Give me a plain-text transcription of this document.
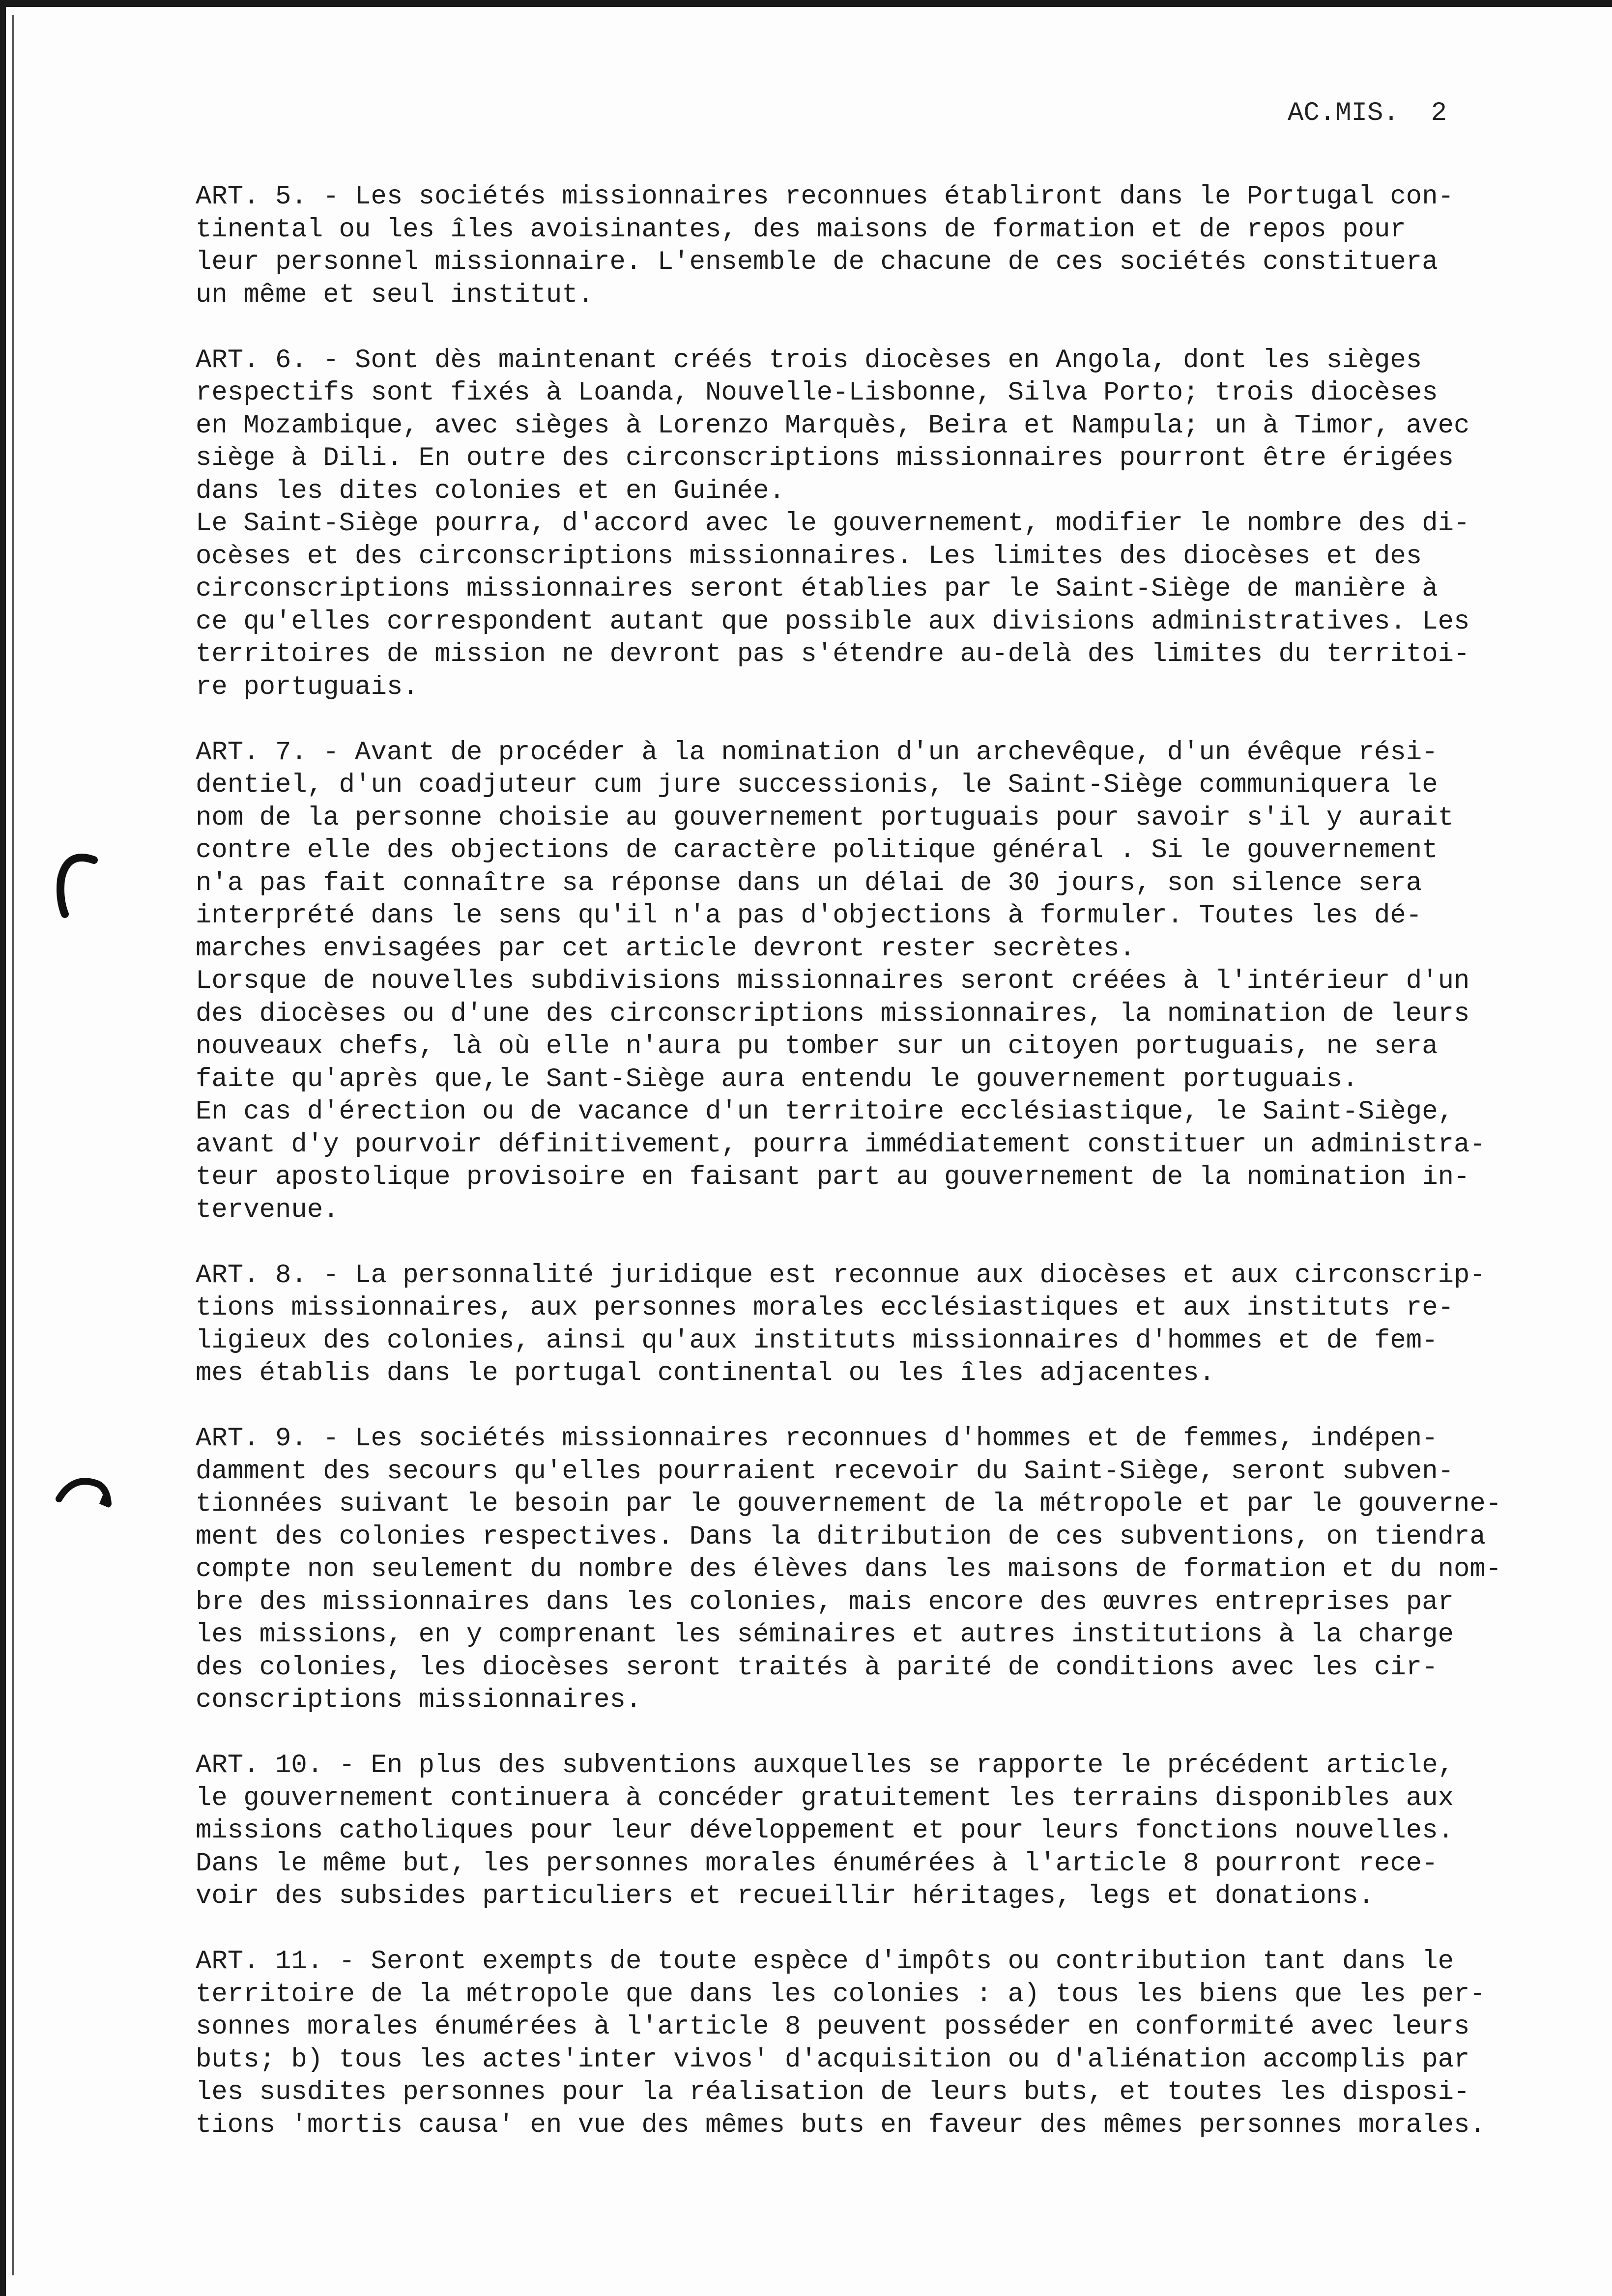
AC.MIS.  2
ART. 5. - Les sociétés missionnaires reconnues établiront dans le Portugal con-
tinental ou les îles avoisinantes, des maisons de formation et de repos pour
leur personnel missionnaire. L'ensemble de chacune de ces sociétés constituera
un même et seul institut.
ART. 6. - Sont dès maintenant créés trois diocèses en Angola, dont les sièges
respectifs sont fixés à Loanda, Nouvelle-Lisbonne, Silva Porto; trois diocèses
en Mozambique, avec sièges à Lorenzo Marquès, Beira et Nampula; un à Timor, avec
siège à Dili. En outre des circonscriptions missionnaires pourront être érigées
dans les dites colonies et en Guinée.
Le Saint-Siège pourra, d'accord avec le gouvernement, modifier le nombre des di-
ocèses et des circonscriptions missionnaires. Les limites des diocèses et des
circonscriptions missionnaires seront établies par le Saint-Siège de manière à
ce qu'elles correspondent autant que possible aux divisions administratives. Les
territoires de mission ne devront pas s'étendre au-delà des limites du territoi-
re portuguais.
ART. 7. - Avant de procéder à la nomination d'un archevêque, d'un évêque rési-
dentiel, d'un coadjuteur cum jure successionis, le Saint-Siège communiquera le
nom de la personne choisie au gouvernement portuguais pour savoir s'il y aurait
contre elle des objections de caractère politique général . Si le gouvernement
n'a pas fait connaître sa réponse dans un délai de 30 jours, son silence sera
interprété dans le sens qu'il n'a pas d'objections à formuler. Toutes les dé-
marches envisagées par cet article devront rester secrètes.
Lorsque de nouvelles subdivisions missionnaires seront créées à l'intérieur d'un
des diocèses ou d'une des circonscriptions missionnaires, la nomination de leurs
nouveaux chefs, là où elle n'aura pu tomber sur un citoyen portuguais, ne sera
faite qu'après que,le Sant-Siège aura entendu le gouvernement portuguais.
En cas d'érection ou de vacance d'un territoire ecclésiastique, le Saint-Siège,
avant d'y pourvoir définitivement, pourra immédiatement constituer un administra-
teur apostolique provisoire en faisant part au gouvernement de la nomination in-
tervenue.
ART. 8. - La personnalité juridique est reconnue aux diocèses et aux circonscrip-
tions missionnaires, aux personnes morales ecclésiastiques et aux instituts re-
ligieux des colonies, ainsi qu'aux instituts missionnaires d'hommes et de fem-
mes établis dans le portugal continental ou les îles adjacentes.
ART. 9. - Les sociétés missionnaires reconnues d'hommes et de femmes, indépen-
damment des secours qu'elles pourraient recevoir du Saint-Siège, seront subven-
tionnées suivant le besoin par le gouvernement de la métropole et par le gouverne-
ment des colonies respectives. Dans la ditribution de ces subventions, on tiendra
compte non seulement du nombre des élèves dans les maisons de formation et du nom-
bre des missionnaires dans les colonies, mais encore des œuvres entreprises par
les missions, en y comprenant les séminaires et autres institutions à la charge
des colonies, les diocèses seront traités à parité de conditions avec les cir-
conscriptions missionnaires.
ART. 10. - En plus des subventions auxquelles se rapporte le précédent article,
le gouvernement continuera à concéder gratuitement les terrains disponibles aux
missions catholiques pour leur développement et pour leurs fonctions nouvelles.
Dans le même but, les personnes morales énumérées à l'article 8 pourront rece-
voir des subsides particuliers et recueillir héritages, legs et donations.
ART. 11. - Seront exempts de toute espèce d'impôts ou contribution tant dans le
territoire de la métropole que dans les colonies : a) tous les biens que les per-
sonnes morales énumérées à l'article 8 peuvent posséder en conformité avec leurs
buts; b) tous les actes'inter vivos' d'acquisition ou d'aliénation accomplis par
les susdites personnes pour la réalisation de leurs buts, et toutes les disposi-
tions 'mortis causa' en vue des mêmes buts en faveur des mêmes personnes morales.
